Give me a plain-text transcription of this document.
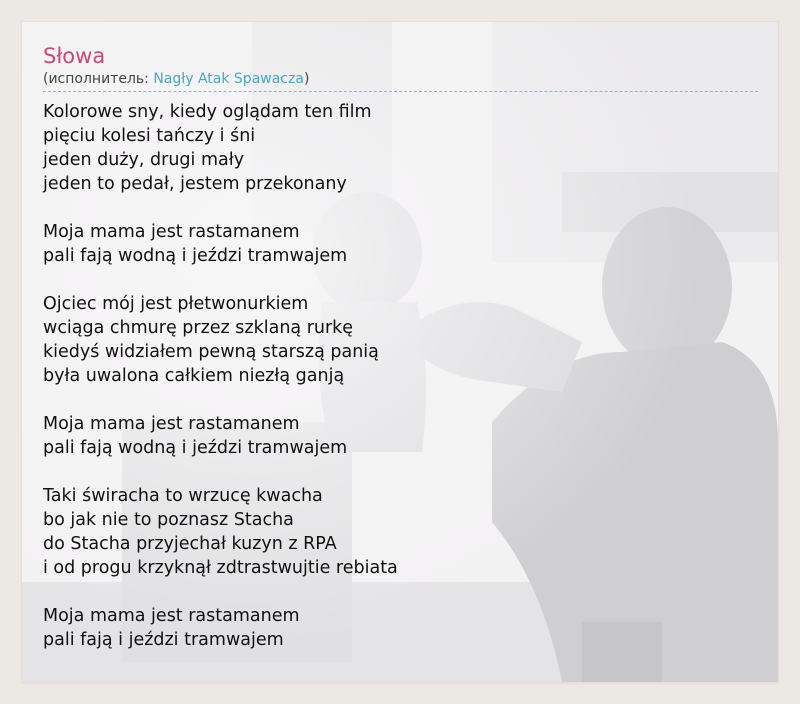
Słowa
(исполнитель: Nagły Atak Spawacza)
Kolorowe sny, kiedy oglądam ten film
pięciu kolesi tańczy i śni
jeden duży, drugi mały
jeden to pedał, jestem przekonany
Moja mama jest rastamanem
pali fają wodną i jeździ tramwajem
Ojciec mój jest płetwonurkiem
wciąga chmurę przez szklaną rurkę
kiedyś widziałem pewną starszą panią
była uwalona całkiem niezłą ganją
Moja mama jest rastamanem
pali fają wodną i jeździ tramwajem
Taki świracha to wrzucę kwacha
bo jak nie to poznasz Stacha
do Stacha przyjechał kuzyn z RPA
i od progu krzyknął zdtrastwujtie rebiata
Moja mama jest rastamanem
pali fają i jeździ tramwajem
